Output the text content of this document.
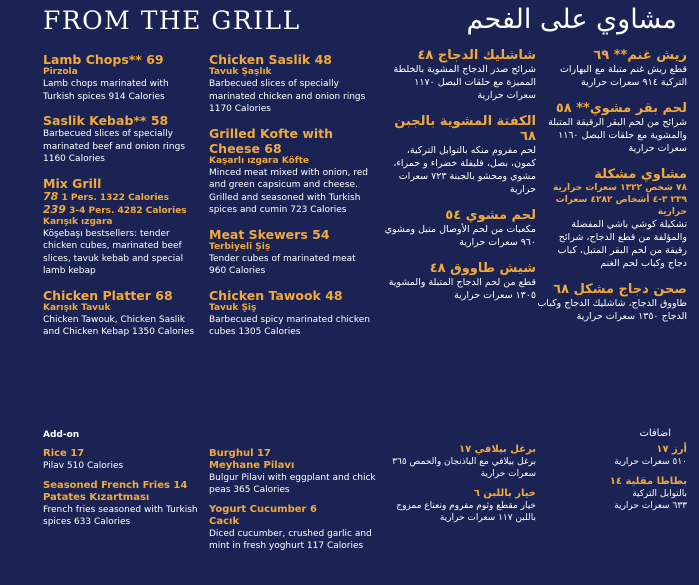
FROM THE GRILL	مشاوي على الفحم
Lamb Chops** 69
Pirzola
Lamb chops marinated with Turkish spices 914 Calories
Saslik Kebab** 58
Barbecued slices of specially marinated beef and onion rings 1160 Calories
Mix Grill
78 1 Pers. 1322 Calories
239 3-4 Pers. 4282 Calories
Karışık ızgara
Köşebaşı bestsellers: tender chicken cubes, marinated beef slices, tavuk kebab and special lamb kebap
Chicken Platter 68
Karışık Tavuk
Chicken Tawouk, Chicken Saslik and Chicken Kebap 1350 Calories
Chicken Saslik 48
Tavuk Şaşlık
Barbecued slices of specially marinated chicken and onion rings 1170 Calories
Grilled Kofte with Cheese 68
Kaşarlı ızgara Köfte
Minced meat mixed with onion, red and green capsicum and cheese. Grilled and seasoned with Turkish spices and cumin 723 Calories
Meat Skewers 54
Terbiyeli Şiş
Tender cubes of marinated meat 960 Calories
Chicken Tawook 48
Tavuk Şiş
Barbecued spicy marinated chicken cubes 1305 Calories
شاشليك الدجاج ٤٨
شرائح صدر الدجاج المشوية بالخلطة المميزة مع حلقات البصل ١١٧٠ سعرات حرارية
الكفتة المشوية بالجبن ٦٨
لحم مفروم منكه بالتوابل التركية، كمون، بصل، فليفلة خضراء و حمراء، مشوي ومحشو بالجبنة ٧٢٣ سعرات حرارية
لحم مشوي ٥٤
مكعبات من لحم الأوصال متبل ومشوي ٩٦٠ سعرات حرارية
شيش طاووق ٤٨
قطع من لحم الدجاج المتبلة والمشوية ١٣٠٥ سعرات حرارية
ريش غنم** ٦٩
قطع ريش غنم متبلة مع البهارات التركية ٩١٤ سعرات حرارية
لحم بقر مشوي** ٥٨
شرائح من لحم البقر الرقيقة المتبلة والمشوية مع حلقات البصل ١١٦٠ سعرات حرارية
مشاوي مشكلة
٧٨ شخص ١٣٢٢ سعرات حرارية
٢٣٩ ٣-٤ أشخاص ٤٢٨٢ سعرات حرارية
تشكيلة كوشي باشي المفضلة والمؤلفة من قطع الدجاج، شرائح رقيقة من لحم البقر المتبل، كباب دجاج وكباب لحم الغنم
صحن دجاج مشكل ٦٨
طاووق الدجاج، شاشليك الدجاج وكباب الدجاج ١٣٥٠ سعرات حرارية
Add-on	اضافات
Rice 17
Pilav 510 Calories
Seasoned French Fries 14
Patates Kızartması
French fries seasoned with Turkish spices 633 Calories
Burghul 17
Meyhane Pilavı
Bulgur Pilavi with eggplant and chick peas 365 Calories
Yogurt Cucumber 6
Cacık
Diced cucumber, crushed garlic and mint in fresh yoghurt 117 Calories
برغل بيلافي ١٧
برغل بيلافي مع الباذنجان والحمص ٣٦٥ سعرات حرارية
خيار باللبن ٦
خيار مقطع وثوم مفروم ونعناع ممزوج باللبن ١١٧ سعرات حرارية
أرز ١٧
٥١٠ سعرات حرارية
بطاطا مقلية ١٤
بالتوابل التركية
٦٣٣ سعرات حرارية
